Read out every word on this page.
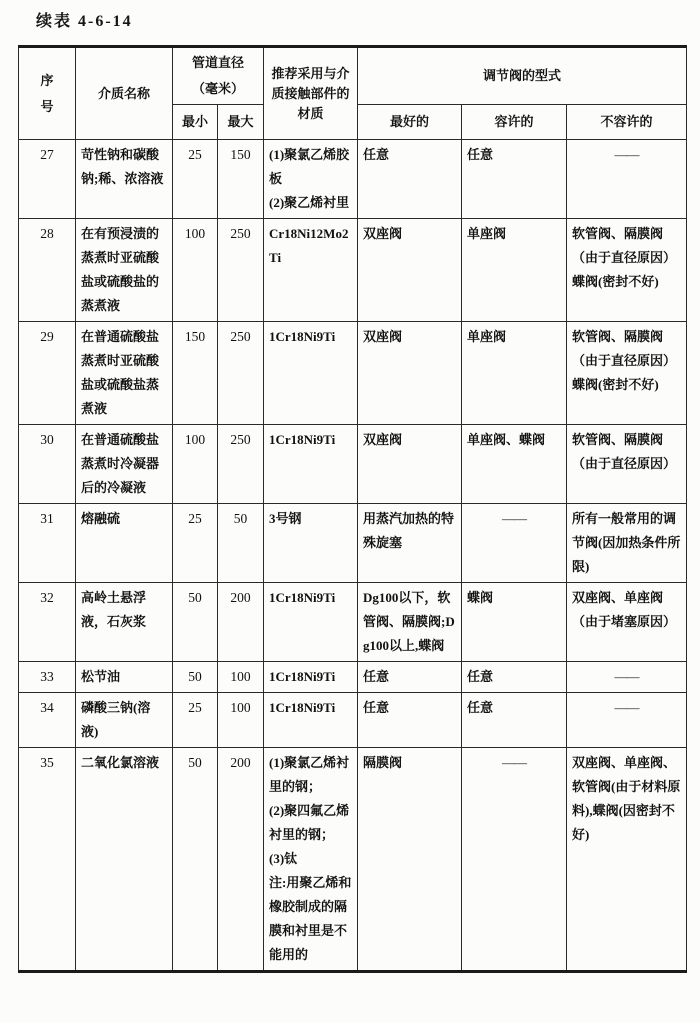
续表 4-6-14
序
号	介质名称	管道直径
（毫米）		推荐采用与介质接触部件的材质	调节阀的型式		
		最小	最大		最好的	容许的	不容许的
27	苛性钠和碳酸钠;稀、浓溶液	25	150	(1)聚氯乙烯胶板
(2)聚乙烯衬里	任意	任意	——
28	在有预浸渍的蒸煮时亚硫酸盐或硫酸盐的蒸煮液	100	250	Cr18Ni12Mo2Ti	双座阀	单座阀	软管阀、隔膜阀（由于直径原因）蝶阀(密封不好)
29	在普通硫酸盐蒸煮时亚硫酸盐或硫酸盐蒸煮液	150	250	1Cr18Ni9Ti	双座阀	单座阀	软管阀、隔膜阀（由于直径原因）蝶阀(密封不好)
30	在普通硫酸盐蒸煮时冷凝器后的冷凝液	100	250	1Cr18Ni9Ti	双座阀	单座阀、蝶阀	软管阀、隔膜阀（由于直径原因）
31	熔融硫	25	50	3号钢	用蒸汽加热的特殊旋塞	——	所有一般常用的调节阀(因加热条件所限)
32	高岭土悬浮液，石灰浆	50	200	1Cr18Ni9Ti	Dg100以下，软管阀、隔膜阀;Dg100以上,蝶阀	蝶阀	双座阀、单座阀（由于堵塞原因）
33	松节油	50	100	1Cr18Ni9Ti	任意	任意	——
34	磷酸三钠(溶液)	25	100	1Cr18Ni9Ti	任意	任意	——
35	二氧化氯溶液	50	200	(1)聚氯乙烯衬里的钢；
(2)聚四氟乙烯衬里的钢；
(3)钛
注:用聚乙烯和橡胶制成的隔膜和衬里是不能用的	隔膜阀	——	双座阀、单座阀、软管阀(由于材料原料),蝶阀(因密封不好)
